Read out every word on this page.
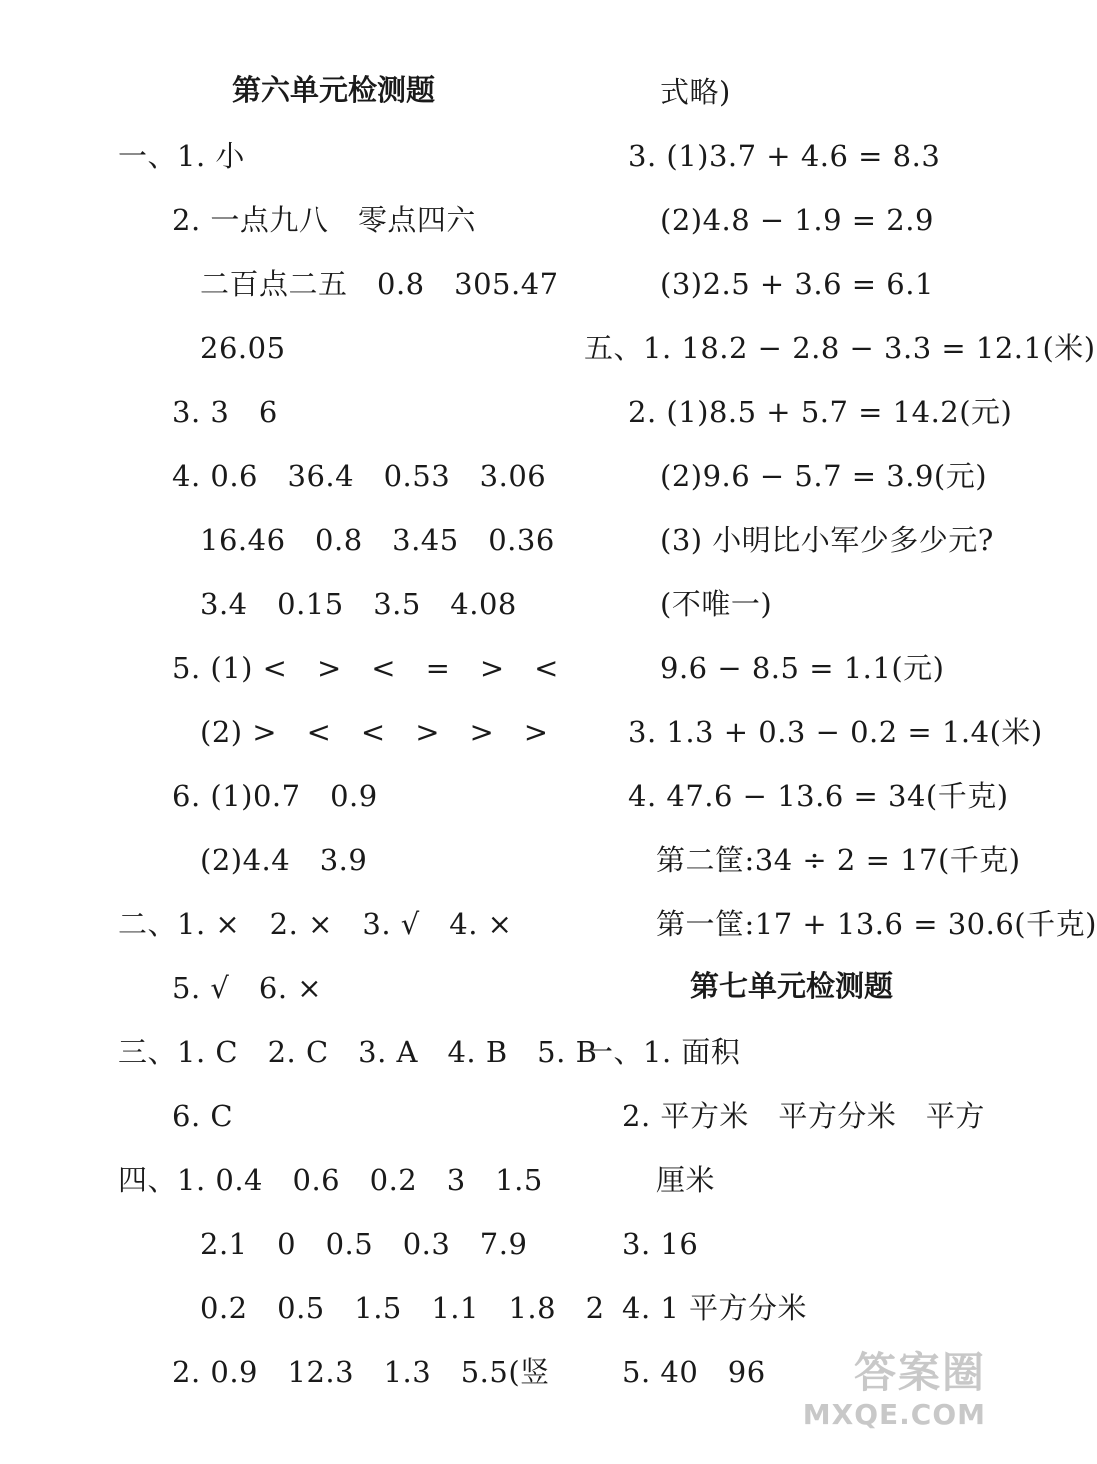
第六单元检测题
一、1. 小
2. 一点九八　零点四六
二百点二五　0.8　305.47
26.05
3. 3　6
4. 0.6　36.4　0.53　3.06
16.46　0.8　3.45　0.36
3.4　0.15　3.5　4.08
5. (1) <　>　<　=　>　<
(2) >　<　<　>　>　>
6. (1)0.7　0.9
(2)4.4　3.9
二、1. ×　2. ×　3. √　4. ×
5. √　6. ×
三、1. C　2. C　3. A　4. B　5. B
6. C
四、1. 0.4　0.6　0.2　3　1.5
2.1　0　0.5　0.3　7.9
0.2　0.5　1.5　1.1　1.8　2
2. 0.9　12.3　1.3　5.5(竖
式略)
3. (1)3.7 + 4.6 = 8.3
(2)4.8 − 1.9 = 2.9
(3)2.5 + 3.6 = 6.1
五、1. 18.2 − 2.8 − 3.3 = 12.1(米)
2. (1)8.5 + 5.7 = 14.2(元)
(2)9.6 − 5.7 = 3.9(元)
(3) 小明比小军少多少元?
(不唯一)
9.6 − 8.5 = 1.1(元)
3. 1.3 + 0.3 − 0.2 = 1.4(米)
4. 47.6 − 13.6 = 34(千克)
第二筐:34 ÷ 2 = 17(千克)
第一筐:17 + 13.6 = 30.6(千克)
第七单元检测题
一、1. 面积
2. 平方米　平方分米　平方
厘米
3. 16
4. 1 平方分米
5. 40　96	答案圈
MXQE.COM
